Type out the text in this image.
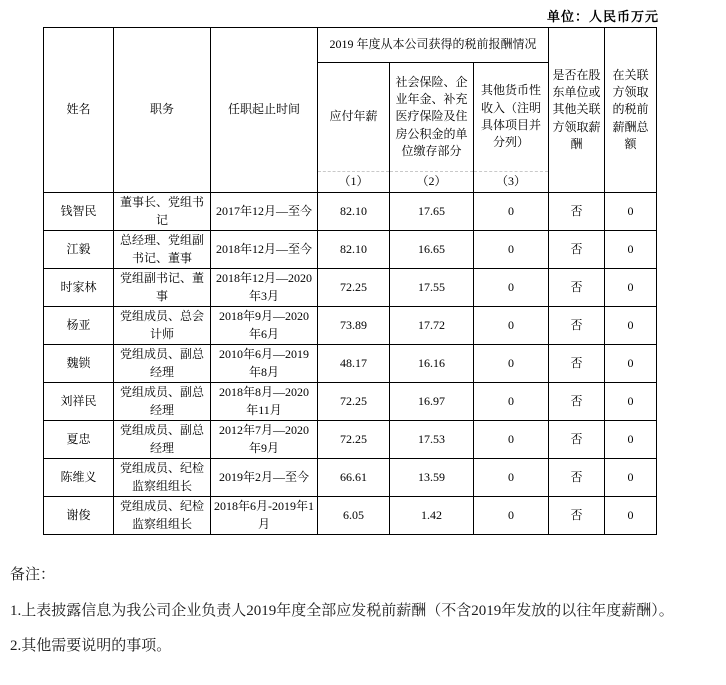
单位：人民币万元
姓名	职务	任职起止时间	2019 年度从本公司获得的税前报酬情况			是否在股东单位或其他关联方领取薪酬	在关联方领取的税前薪酬总额
			应付年薪	社会保险、企业年金、补充医疗保险及住房公积金的单位缴存部分	其他货币性收入（注明具体项目并分列）		
			（1）	（2）	（3）		
钱智民	董事长、党组书记	2017年12月—至今	82.10	17.65	0	否	0
江毅	总经理、党组副书记、董事	2018年12月—至今	82.10	16.65	0	否	0
时家林	党组副书记、董事	2018年12月—2020年3月	72.25	17.55	0	否	0
杨亚	党组成员、总会计师	2018年9月—2020年6月	73.89	17.72	0	否	0
魏锁	党组成员、副总经理	2010年6月—2019年8月	48.17	16.16	0	否	0
刘祥民	党组成员、副总经理	2018年8月—2020年11月	72.25	16.97	0	否	0
夏忠	党组成员、副总经理	2012年7月—2020年9月	72.25	17.53	0	否	0
陈维义	党组成员、纪检监察组组长	2019年2月—至今	66.61	13.59	0	否	0
谢俊	党组成员、纪检监察组组长	2018年6月-2019年1月	6.05	1.42	0	否	0

备注：

1.上表披露信息为我公司企业负责人2019年度全部应发税前薪酬（不含2019年发放的以往年度薪酬）。

2.其他需要说明的事项。
